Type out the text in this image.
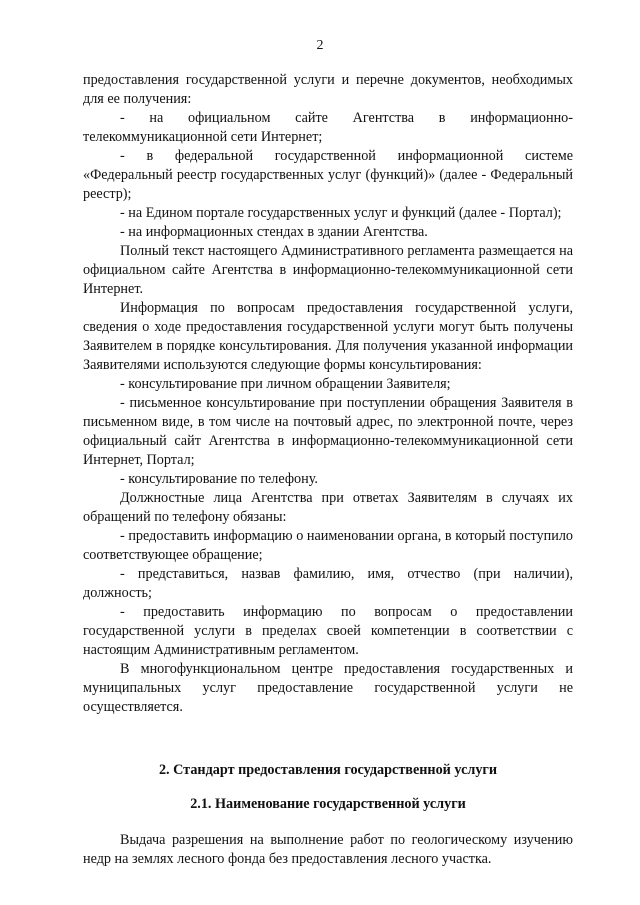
2

предоставления государственной услуги и перечне документов, необходимых для ее получения:

- на официальном сайте Агентства в информационно-телекоммуникационной сети Интернет;

- в федеральной государственной информационной системе «Федеральный реестр государственных услуг (функций)» (далее - Федеральный реестр);

- на Едином портале государственных услуг и функций (далее - Портал);

- на информационных стендах в здании Агентства.

Полный текст настоящего Административного регламента размещается на официальном сайте Агентства в информационно-телекоммуникационной сети Интернет.

Информация по вопросам предоставления государственной услуги, сведения о ходе предоставления государственной услуги могут быть получены Заявителем в порядке консультирования. Для получения указанной информации Заявителями используются следующие формы консультирования:

- консультирование при личном обращении Заявителя;

- письменное консультирование при поступлении обращения Заявителя в письменном виде, в том числе на почтовый адрес, по электронной почте, через официальный сайт Агентства в информационно-телекоммуникационной сети Интернет, Портал;

- консультирование по телефону.

Должностные лица Агентства при ответах Заявителям в случаях их обращений по телефону обязаны:

- предоставить информацию о наименовании органа, в который поступило соответствующее обращение;

- представиться, назвав фамилию, имя, отчество (при наличии), должность;

- предоставить информацию по вопросам о предоставлении государственной услуги в пределах своей компетенции в соответствии с настоящим Административным регламентом.

В многофункциональном центре предоставления государственных и муниципальных услуг предоставление государственной услуги не осуществляется.

2. Стандарт предоставления государственной услуги

2.1. Наименование государственной услуги

Выдача разрешения на выполнение работ по геологическому изучению недр на землях лесного фонда без предоставления лесного участка.
